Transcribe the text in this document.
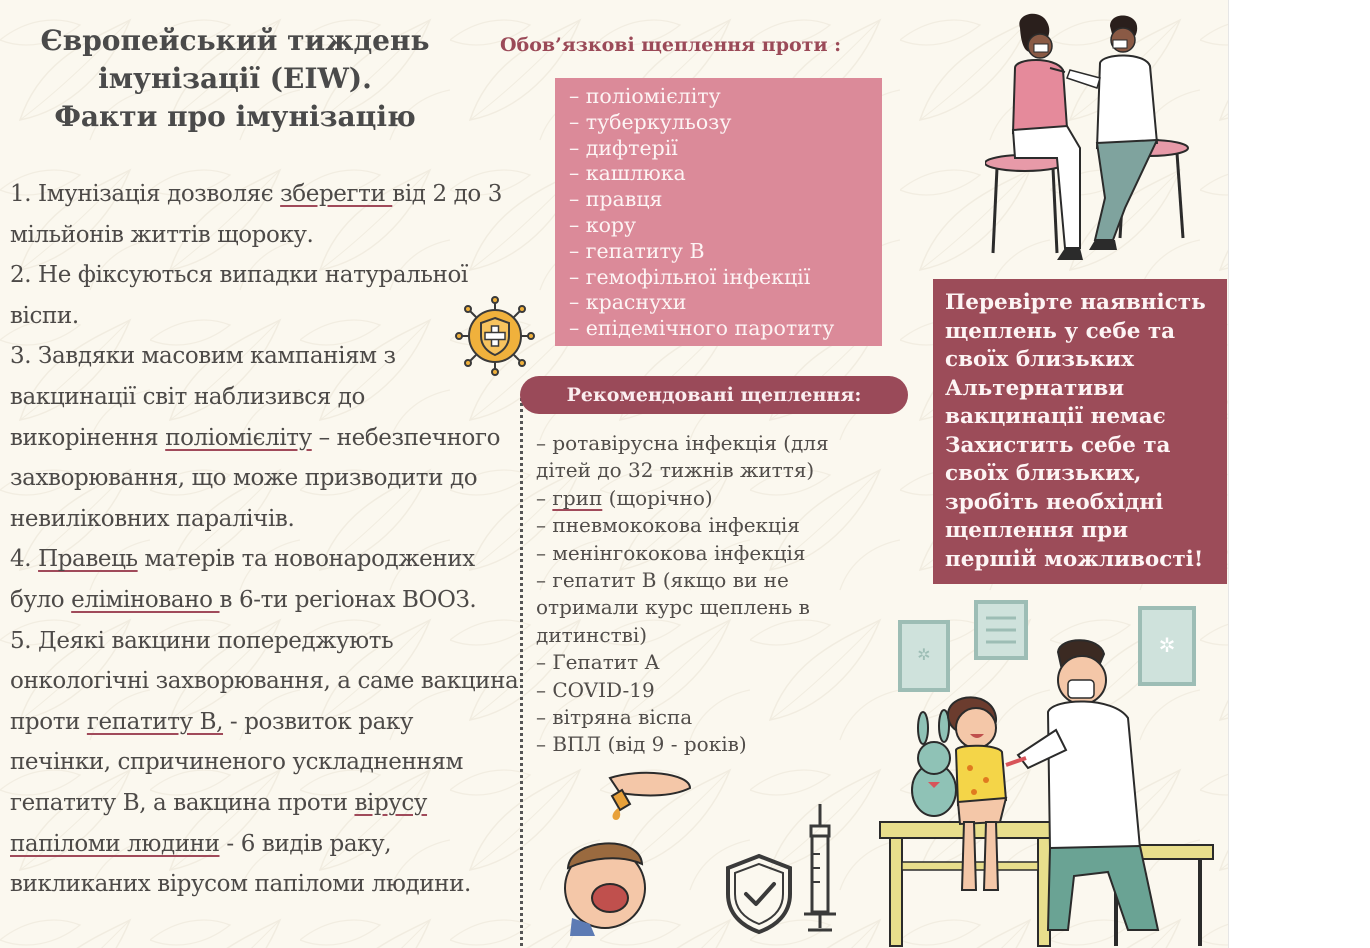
Європейський тиждень
імунізації (EIW).
Факти про імунізацію

1. Імунізація дозволяє зберегти від 2 до 3 мільйонів життів щороку.

2. Не фіксуються випадки натуральної віспи.

3. Завдяки масовим кампаніям з вакцинації світ наблизився до викорінення поліомієліту – небезпечного захворювання, що може призводити до невиліковних паралічів.

4. Правець матерів та новонароджених було еліміновано в 6-ти регіонах ВООЗ.

5. Деякі вакцини попереджують онкологічні захворювання, а саме вакцина проти гепатиту В, - розвиток раку печінки, спричиненого ускладненням гепатиту В, а вакцина проти вірусу папіломи людини - 6 видів раку, викликаних вірусом папіломи людини.

Обов’язкові щеплення проти :
– поліомієліту
– туберкульозу
– дифтерії
– кашлюка
– правця
– кору
– гепатиту В
– гемофільної інфекції
– краснухи
– епідемічного паротиту
Рекомендовані щеплення:

– ротавірусна інфекція (для дітей до 32 тижнів життя)

– грип (щорічно)

– пневмококова інфекція

– менінгококова інфекція

– гепатит В (якщо ви не отримали курс щеплень в дитинстві)

– Гепатит А

– COVID-19

– вітряна віспа

– ВПЛ (від 9 - років)

Перевірте наявність
щеплень у себе та
своїх близьких
Альтернативи
вакцинації немає
Захистить себе та
своїх близьких,
зробіть необхідні
щеплення при
першій можливості!
✲	✲
